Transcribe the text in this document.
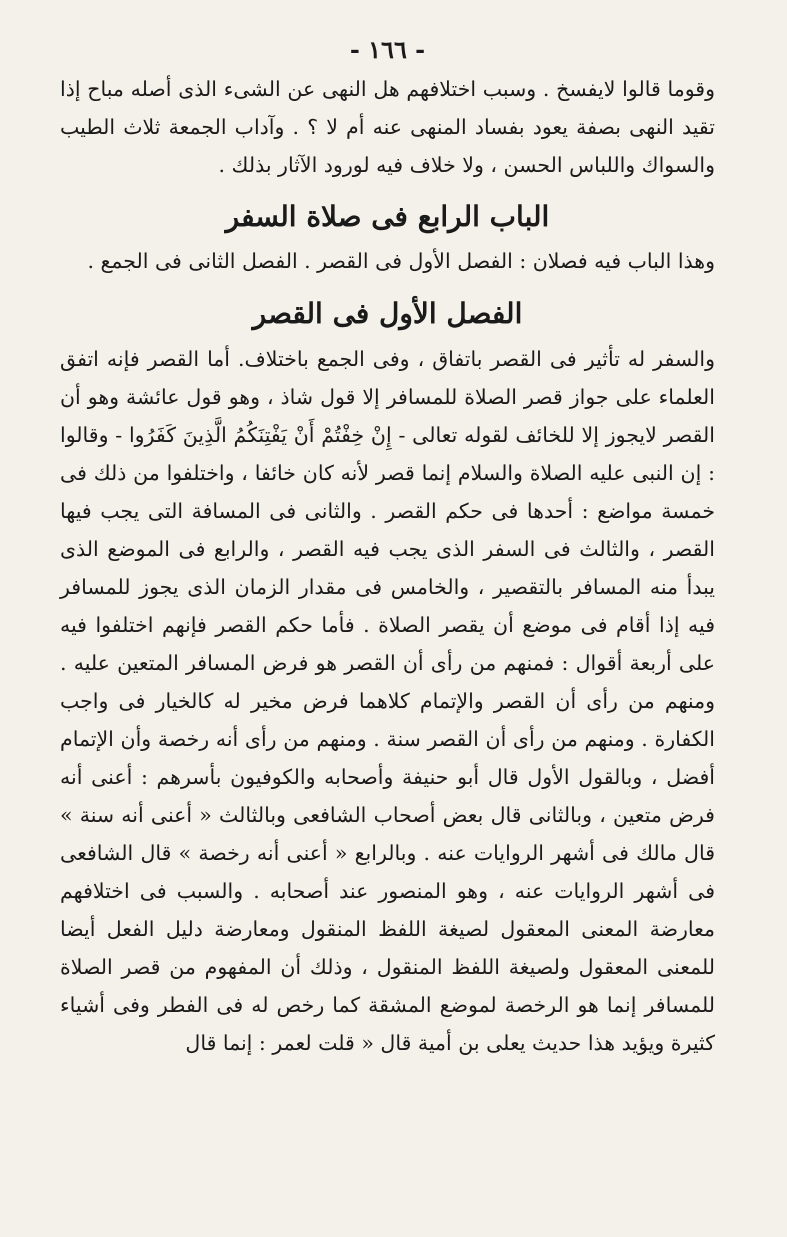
- ١٦٦ -

وقوما قالوا لايفسخ . وسبب اختلافهم هل النهى عن الشىء الذى أصله مباح إذا تقيد النهى بصفة يعود بفساد المنهى عنه أم لا ؟ . وآداب الجمعة ثلاث الطيب والسواك واللباس الحسن ، ولا خلاف فيه لورود الآثار بذلك .

الباب الرابع فى صلاة السفر

وهذا الباب فيه فصلان : الفصل الأول فى القصر . الفصل الثانى فى الجمع .

الفصل الأول فى القصر

والسفر له تأثير فى القصر باتفاق ، وفى الجمع باختلاف. أما القصر فإنه اتفق العلماء على جواز قصر الصلاة للمسافر إلا قول شاذ ، وهو قول عائشة وهو أن القصر لايجوز إلا للخائف لقوله تعالى - إِنْ خِفْتُمْ أَنْ يَفْتِنَكُمُ الَّذِينَ كَفَرُوا - وقالوا : إن النبى عليه الصلاة والسلام إنما قصر لأنه كان خائفا ، واختلفوا من ذلك فى خمسة مواضع : أحدها فى حكم القصر . والثانى فى المسافة التى يجب فيها القصر ، والثالث فى السفر الذى يجب فيه القصر ، والرابع فى الموضع الذى يبدأ منه المسافر بالتقصير ، والخامس فى مقدار الزمان الذى يجوز للمسافر فيه إذا أقام فى موضع أن يقصر الصلاة . فأما حكم القصر فإنهم اختلفوا فيه على أربعة أقوال : فمنهم من رأى أن القصر هو فرض المسافر المتعين عليه . ومنهم من رأى أن القصر والإتمام كلاهما فرض مخير له كالخيار فى واجب الكفارة . ومنهم من رأى أن القصر سنة . ومنهم من رأى أنه رخصة وأن الإتمام أفضل ، وبالقول الأول قال أبو حنيفة وأصحابه والكوفيون بأسرهم : أعنى أنه فرض متعين ، وبالثانى قال بعض أصحاب الشافعى وبالثالث « أعنى أنه سنة » قال مالك فى أشهر الروايات عنه . وبالرابع « أعنى أنه رخصة » قال الشافعى فى أشهر الروايات عنه ، وهو المنصور عند أصحابه . والسبب فى اختلافهم معارضة المعنى المعقول لصيغة اللفظ المنقول ومعارضة دليل الفعل أيضا للمعنى المعقول ولصيغة اللفظ المنقول ، وذلك أن المفهوم من قصر الصلاة للمسافر إنما هو الرخصة لموضع المشقة كما رخص له فى الفطر وفى أشياء كثيرة ويؤيد هذا حديث يعلى بن أمية قال « قلت لعمر : إنما قال
